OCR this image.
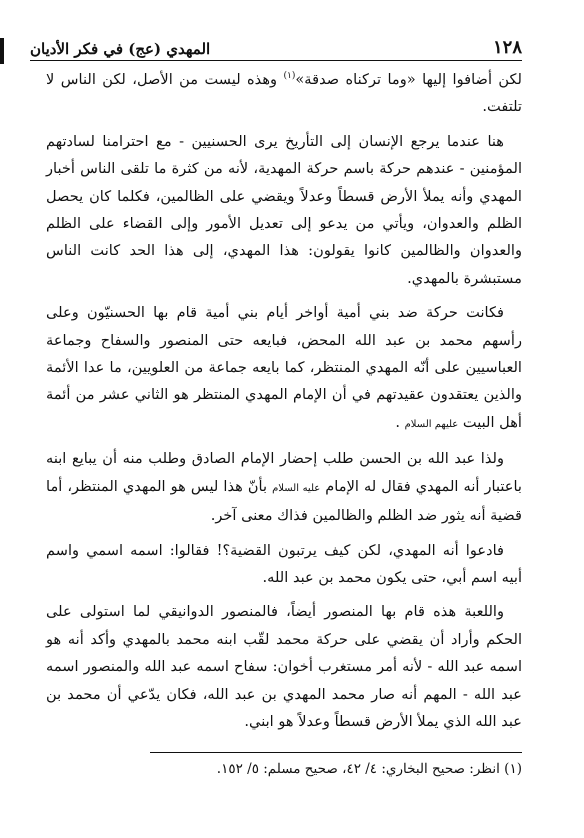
١٢٨
المهدي (عج) في فكر الأديان

لكن أضافوا إليها «وما تركناه صدقة»$^{(١)}$ وهذه ليست من الأصل، لكن الناس لا تلتفت.

هنا عندما يرجع الإنسان إلى التأريخ يرى الحسنيين - مع احترامنا لسادتهم المؤمنين - عندهم حركة باسم حركة المهدية، لأنه من كثرة ما تلقى الناس أخبار المهدي وأنه يملأ الأرض قسطاً وعدلاً ويقضي على الظالمين، فكلما كان يحصل الظلم والعدوان، ويأتي من يدعو إلى تعديل الأمور وإلى القضاء على الظلم والعدوان والظالمين كانوا يقولون: هذا المهدي، إلى هذا الحد كانت الناس مستبشرة بالمهدي.

فكانت حركة ضد بني أمية أواخر أيام بني أمية قام بها الحسنيّون وعلى رأسهم محمد بن عبد الله المحض، فبايعه حتى المنصور والسفاح وجماعة العباسيين على أنّه المهدي المنتظر، كما بايعه جماعة من العلويين، ما عدا الأئمة والذين يعتقدون عقيدتهم في أن الإمام المهدي المنتظر هو الثاني عشر من أئمة أهل البيت عليهم السلام .

ولذا عبد الله بن الحسن طلب إحضار الإمام الصادق وطلب منه أن يبايع ابنه باعتبار أنه المهدي فقال له الإمام عليه السلام بأنّ هذا ليس هو المهدي المنتظر، أما قضية أنه يثور ضد الظلم والظالمين فذاك معنى آخر.

فادعوا أنه المهدي، لكن كيف يرتبون القضية؟! فقالوا: اسمه اسمي واسم أبيه اسم أبي، حتى يكون محمد بن عبد الله.

واللعبة هذه قام بها المنصور أيضاً، فالمنصور الدوانيقي لما استولى على الحكم وأراد أن يقضي على حركة محمد لقّب ابنه محمد بالمهدي وأكد أنه هو اسمه عبد الله - لأنه أمر مستغرب أخوان: سفاح اسمه عبد الله والمنصور اسمه عبد الله - المهم أنه صار محمد المهدي بن عبد الله، فكان يدّعي أن محمد بن عبد الله الذي يملأ الأرض قسطاً وعدلاً هو ابني.

(١) انظر: صحيح البخاري: ٤/ ٤٢، صحيح مسلم: ٥/ ١٥٢.
